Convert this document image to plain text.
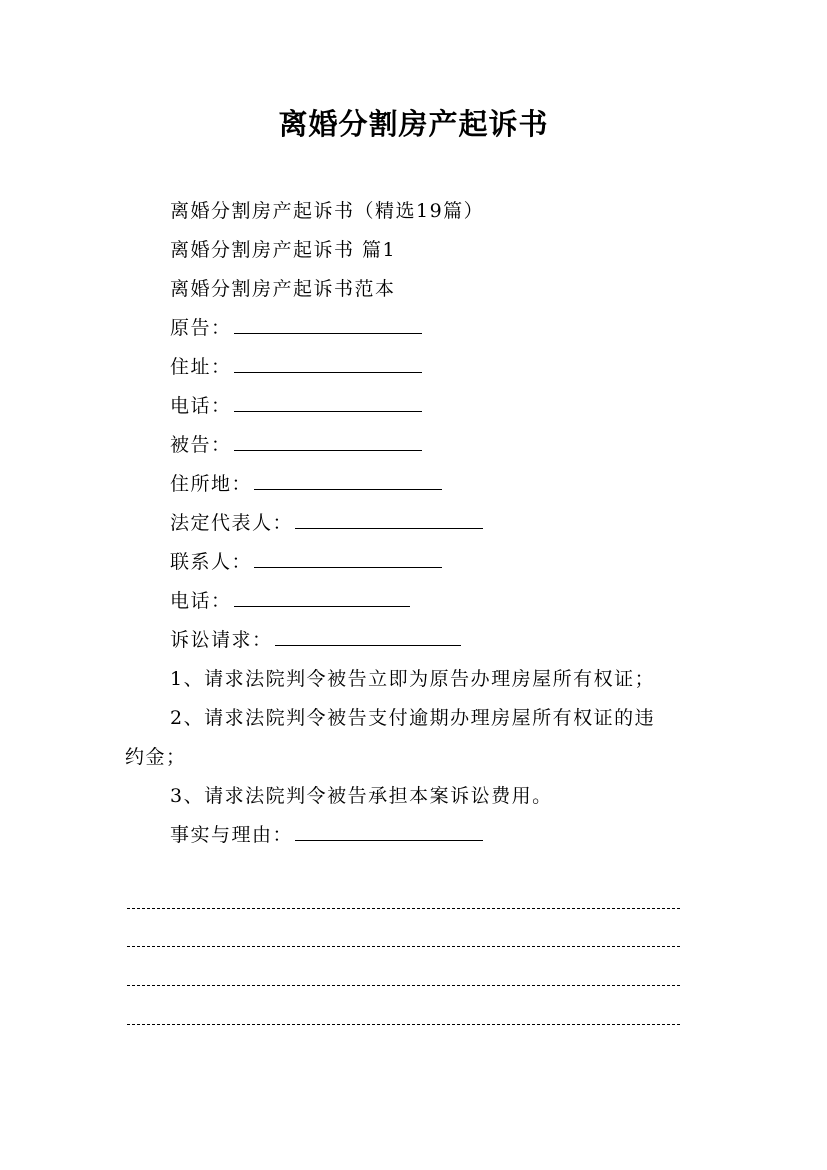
离婚分割房产起诉书
离婚分割房产起诉书（精选19篇）
离婚分割房产起诉书 篇1
离婚分割房产起诉书范本
原告：
住址：
电话：
被告：
住所地：
法定代表人：
联系人：
电话：
诉讼请求：
1、请求法院判令被告立即为原告办理房屋所有权证；
2、请求法院判令被告支付逾期办理房屋所有权证的违
约金；
3、请求法院判令被告承担本案诉讼费用。
事实与理由：
